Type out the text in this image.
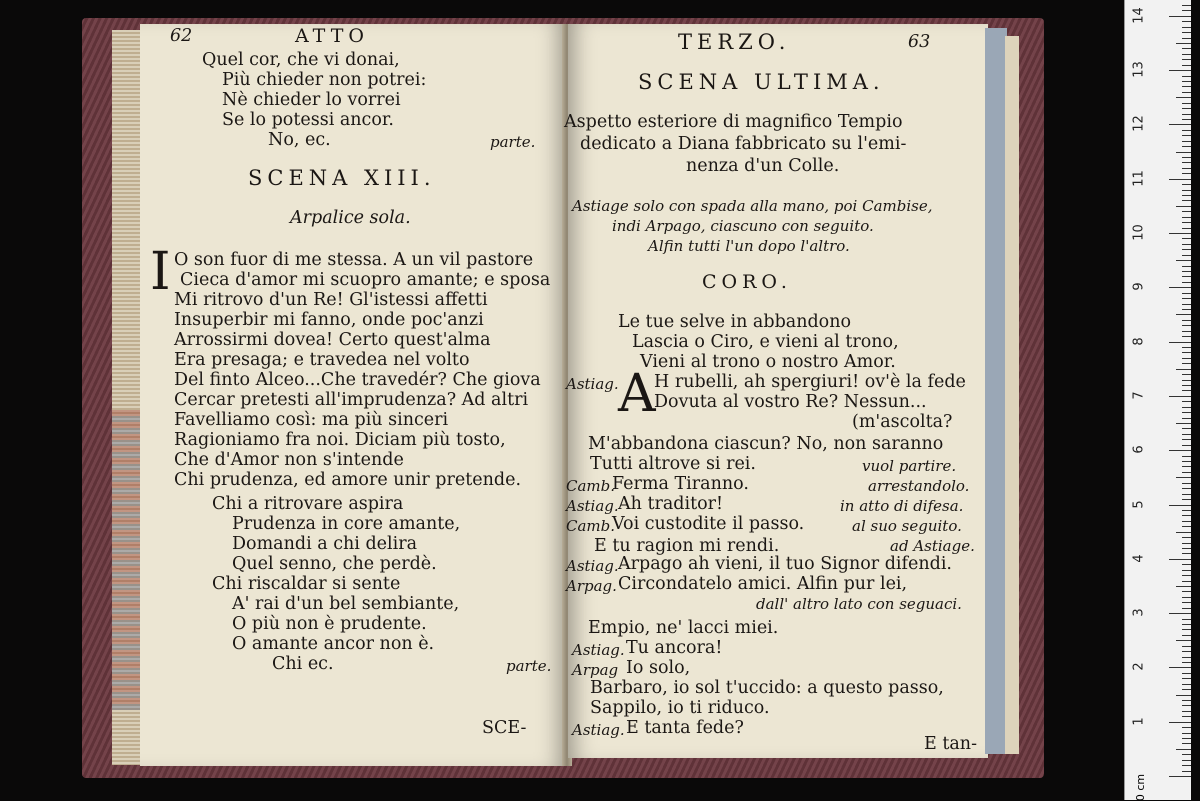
62	ATTO
Quel cor, che vi donai,
Più chieder non potrei:
Nè chieder lo vorrei
Se lo potessi ancor.
No, ec.	parte.
SCENA XIII.
Arpalice sola.
I O son fuor di me stessa. A un vil pastore
Cieca d'amor mi scuopro amante; e sposa
Mi ritrovo d'un Re! Gl'istessi affetti
Insuperbir mi fanno, onde poc'anzi
Arrossirmi dovea! Certo quest'alma
Era presaga; e travedea nel volto
Del finto Alceo...Che travedér? Che giova
Cercar pretesti all'imprudenza? Ad altri
Favelliamo così: ma più sinceri
Ragioniamo fra noi. Diciam più tosto,
Che d'Amor non s'intende
Chi prudenza, ed amore unir pretende.
Chi a ritrovare aspira
Prudenza in core amante,
Domandi a chi delira
Quel senno, che perdè.
Chi riscaldar si sente
A' rai d'un bel sembiante,
O più non è prudente.
O amante ancor non è.
Chi ec.	parte.
SCE-
TERZO.	63
SCENA ULTIMA.
Aspetto esteriore di magnifico Tempio
dedicato a Diana fabbricato su l'emi-
nenza d'un Colle.
Astiage solo con spada alla mano, poi Cambise,
indi Arpago, ciascuno con seguito.
Alfin tutti l'un dopo l'altro.
CORO.
Le tue selve in abbandono
Lascia o Ciro, e vieni al trono,
Vieni al trono o nostro Amor.
Astiag. A
H rubelli, ah spergiuri! ov'è la fede
Dovuta al vostro Re? Nessun...
(m'ascolta?
M'abbandona ciascun? No, non saranno
Tutti altrove si rei.	vuol partire.
Camb.
Ferma Tiranno.	arrestandolo.
Astiag. Ah traditor!	in atto di difesa.
Camb.
Voi custodite il passo.	al suo seguito.
E tu ragion mi rendi.	ad Astiage.
Astiag. Arpago ah vieni, il tuo Signor difendi.
Arpag. Circondatelo amici. Alfin pur lei,
dall' altro lato con seguaci.
Empio, ne' lacci miei.
Astiag. Tu ancora!
Arpag Io solo,
Barbaro, io sol t'uccido: a questo passo,
Sappilo, io ti riduco.
Astiag. E tanta fede?
E tan-
0 cm
1
2
3
4
5
6
7
8
9
10
11
12
13
14
